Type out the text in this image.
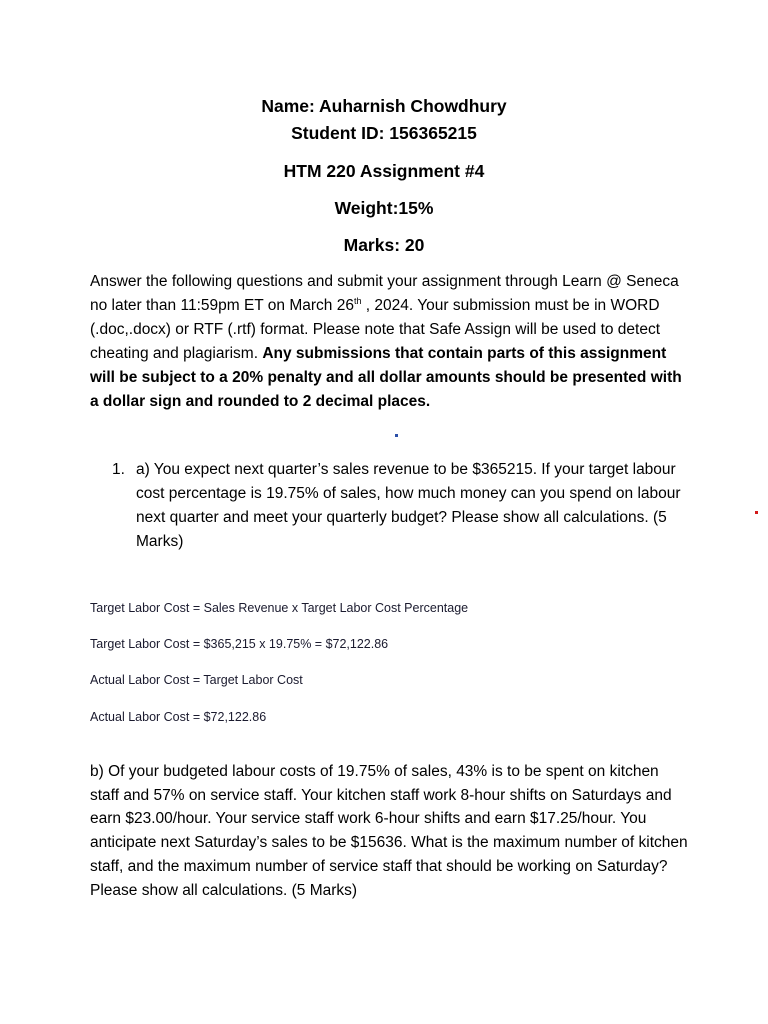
Name: Auharnish Chowdhury
Student ID: 156365215
HTM 220 Assignment #4
Weight:15%
Marks: 20
Answer the following questions and submit your assignment through Learn @ Seneca no later than 11:59pm ET on March 26th , 2024. Your submission must be in WORD (.doc,.docx) or RTF (.rtf) format. Please note that Safe Assign will be used to detect cheating and plagiarism. Any submissions that contain parts of this assignment will be subject to a 20% penalty and all dollar amounts should be presented with a dollar sign and rounded to 2 decimal places.
1. a) You expect next quarter’s sales revenue to be $365215. If your target labour cost percentage is 19.75% of sales, how much money can you spend on labour next quarter and meet your quarterly budget? Please show all calculations. (5 Marks)
Target Labor Cost = Sales Revenue x Target Labor Cost Percentage
Target Labor Cost = $365,215 x 19.75% = $72,122.86
Actual Labor Cost = Target Labor Cost
Actual Labor Cost = $72,122.86
b) Of your budgeted labour costs of 19.75% of sales, 43% is to be spent on kitchen staff and 57% on service staff. Your kitchen staff work 8-hour shifts on Saturdays and earn $23.00/hour. Your service staff work 6-hour shifts and earn $17.25/hour. You anticipate next Saturday’s sales to be $15636. What is the maximum number of kitchen staff, and the maximum number of service staff that should be working on Saturday? Please show all calculations. (5 Marks)
